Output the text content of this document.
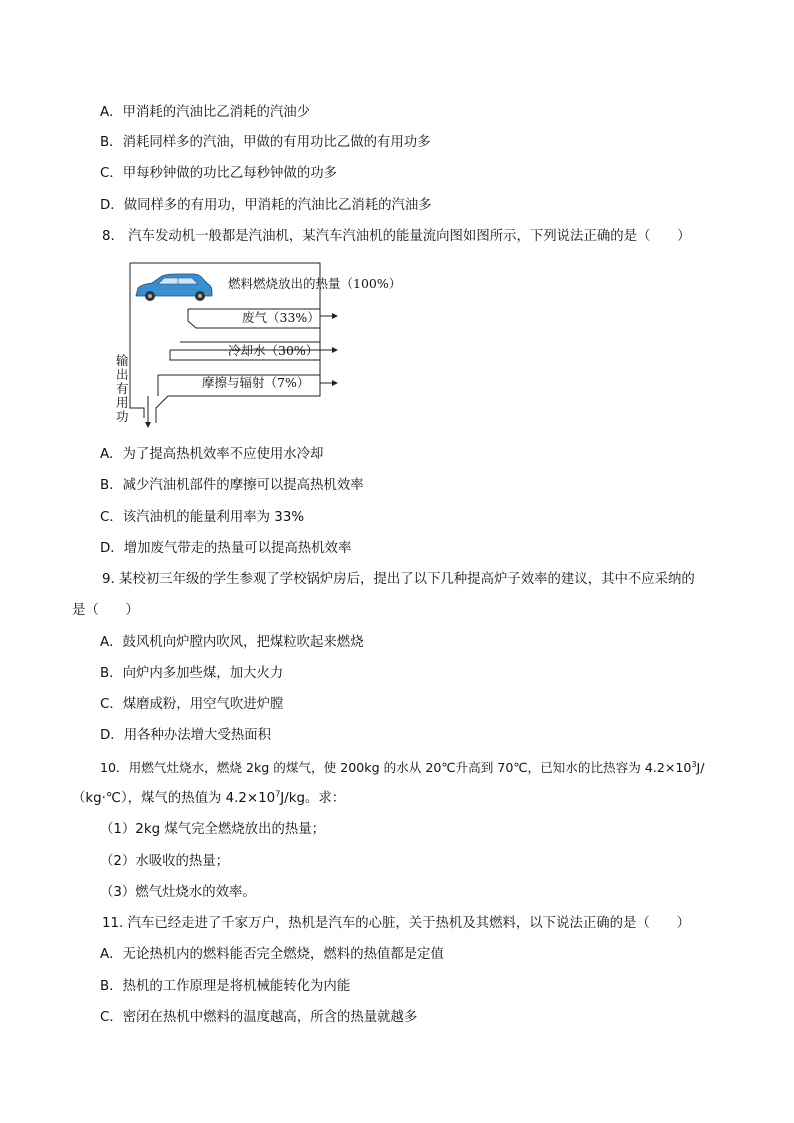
A．甲消耗的汽油比乙消耗的汽油少
B．消耗同样多的汽油，甲做的有用功比乙做的有用功多
C．甲每秒钟做的功比乙每秒钟做的功多
D．做同样多的有用功，甲消耗的汽油比乙消耗的汽油多
8.　汽车发动机一般都是汽油机，某汽车汽油机的能量流向图如图所示，下列说法正确的是（　　）
燃料燃烧放出的热量（100%）
废气（33%）
冷却水（30%）
摩擦与辐射（7%）
输出有用功
A．为了提高热机效率不应使用水冷却
B．减少汽油机部件的摩擦可以提高热机效率
C．该汽油机的能量利用率为 33%
D．增加废气带走的热量可以提高热机效率
9. 某校初三年级的学生参观了学校锅炉房后，提出了以下几种提高炉子效率的建议，其中不应采纳的
是（　　）
A．鼓风机向炉膛内吹风，把煤粒吹起来燃烧
B．向炉内多加些煤，加大火力
C．煤磨成粉，用空气吹进炉膛
D．用各种办法增大受热面积
10．用燃气灶烧水，燃烧 2kg 的煤气，使 200kg 的水从 20℃升高到 70℃，已知水的比热容为 $4.2\times 10^3J/$
（kg·℃），煤气的热值为 $4.2\times 10^7J/kg$。求：
（1）2kg 煤气完全燃烧放出的热量；
（2）水吸收的热量；
（3）燃气灶烧水的效率。
11. 汽车已经走进了千家万户，热机是汽车的心脏，关于热机及其燃料，以下说法正确的是（　　）
A．无论热机内的燃料能否完全燃烧，燃料的热值都是定值
B．热机的工作原理是将机械能转化为内能
C．密闭在热机中燃料的温度越高，所含的热量就越多
